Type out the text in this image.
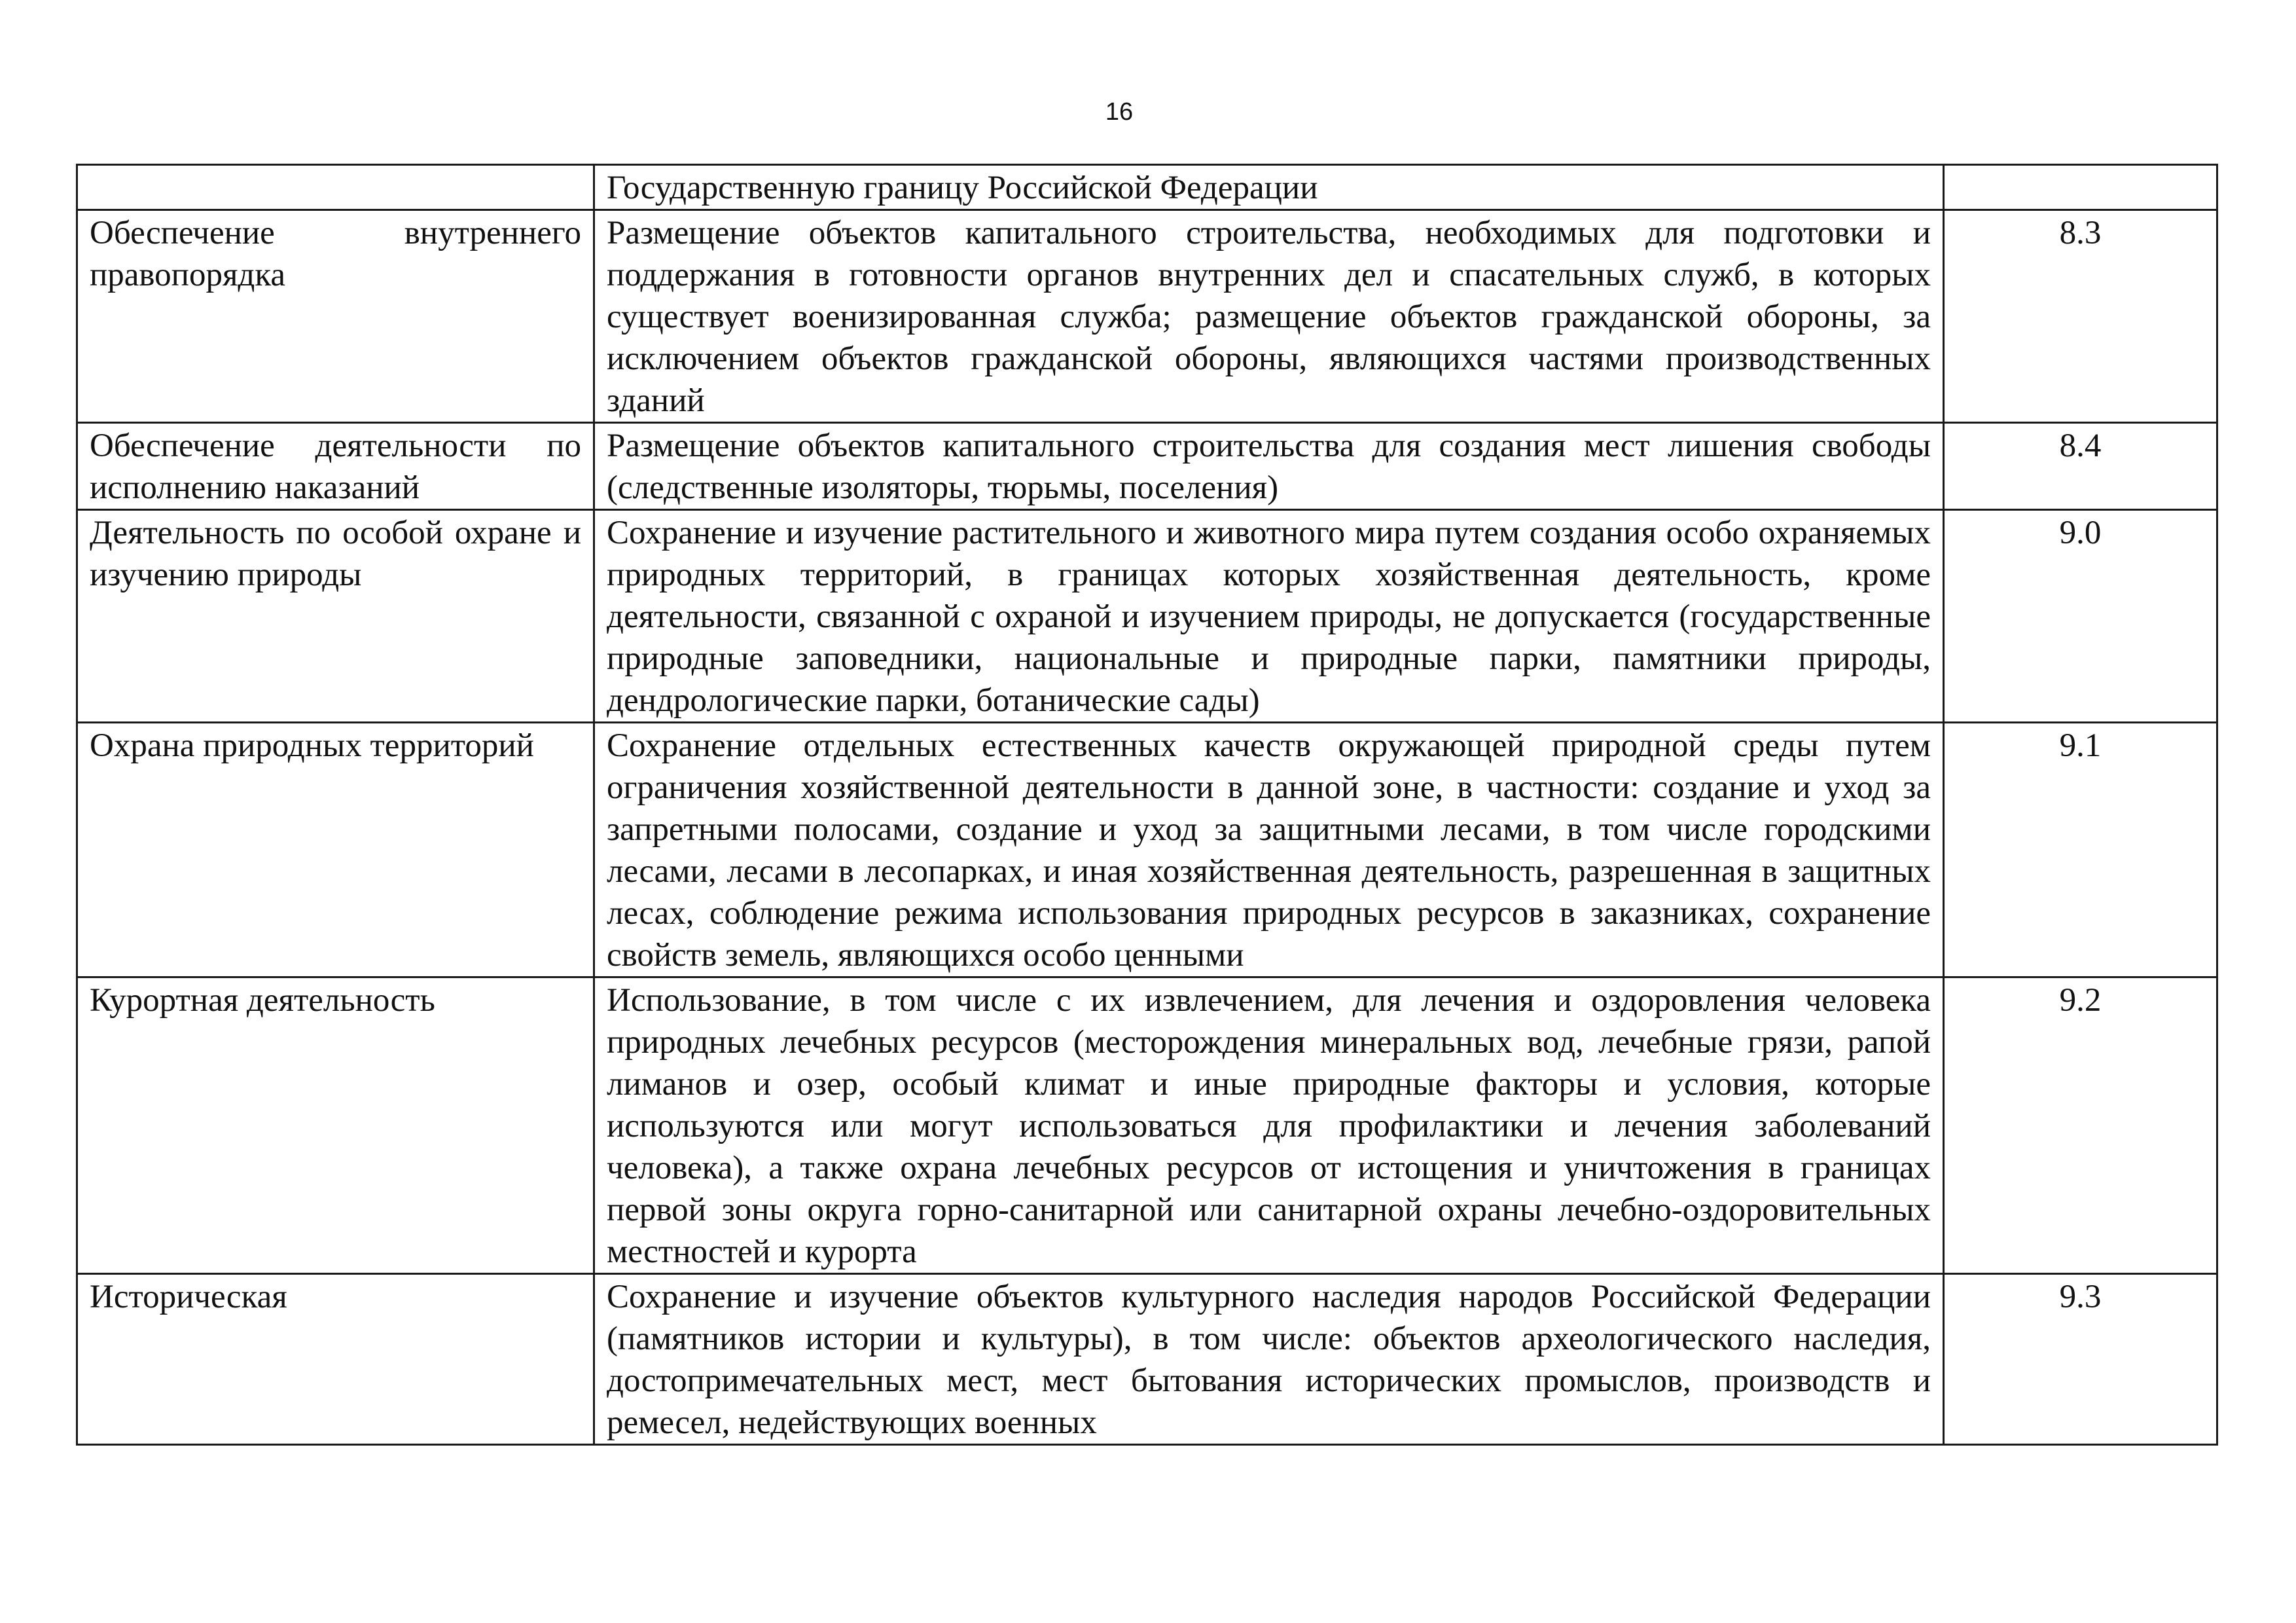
16
	Государственную границу Российской Федерации	
Обеспечение внутреннего правопорядка	Размещение объектов капитального строительства, необходимых для подготовки и поддержания в готовности органов внутренних дел и спасательных служб, в которых существует военизированная служба; размещение объектов гражданской обороны, за исключением объектов гражданской обороны, являющихся частями производственных зданий	8.3
Обеспечение деятельности по исполнению наказаний	Размещение объектов капитального строительства для создания мест лишения свободы (следственные изоляторы, тюрьмы, поселения)	8.4
Деятельность по особой охране и изучению природы	Сохранение и изучение растительного и животного мира путем создания особо охраняемых природных территорий, в границах которых хозяйственная деятельность, кроме деятельности, связанной с охраной и изучением природы, не допускается (государственные природные заповедники, национальные и природные парки, памятники природы, дендрологические парки, ботанические сады)	9.0
Охрана природных территорий	Сохранение отдельных естественных качеств окружающей природной среды путем ограничения хозяйственной деятельности в данной зоне, в частности: создание и уход за запретными полосами, создание и уход за защитными лесами, в том числе городскими лесами, лесами в лесопарках, и иная хозяйственная деятельность, разрешенная в защитных лесах, соблюдение режима использования природных ресурсов в заказниках, сохранение свойств земель, являющихся особо ценными	9.1
Курортная деятельность	Использование, в том числе с их извлечением, для лечения и оздоровления человека природных лечебных ресурсов (месторождения минеральных вод, лечебные грязи, рапой лиманов и озер, особый климат и иные природные факторы и условия, которые используются или могут использоваться для профилактики и лечения заболеваний человека), а также охрана лечебных ресурсов от истощения и уничтожения в границах первой зоны округа горно-санитарной или санитарной охраны лечебно-оздоровительных местностей и курорта	9.2
Историческая	Сохранение и изучение объектов культурного наследия народов Российской Федерации (памятников истории и культуры), в том числе: объектов археологического наследия, достопримечательных мест, мест бытования исторических промыслов, производств и ремесел, недействующих военных	9.3
